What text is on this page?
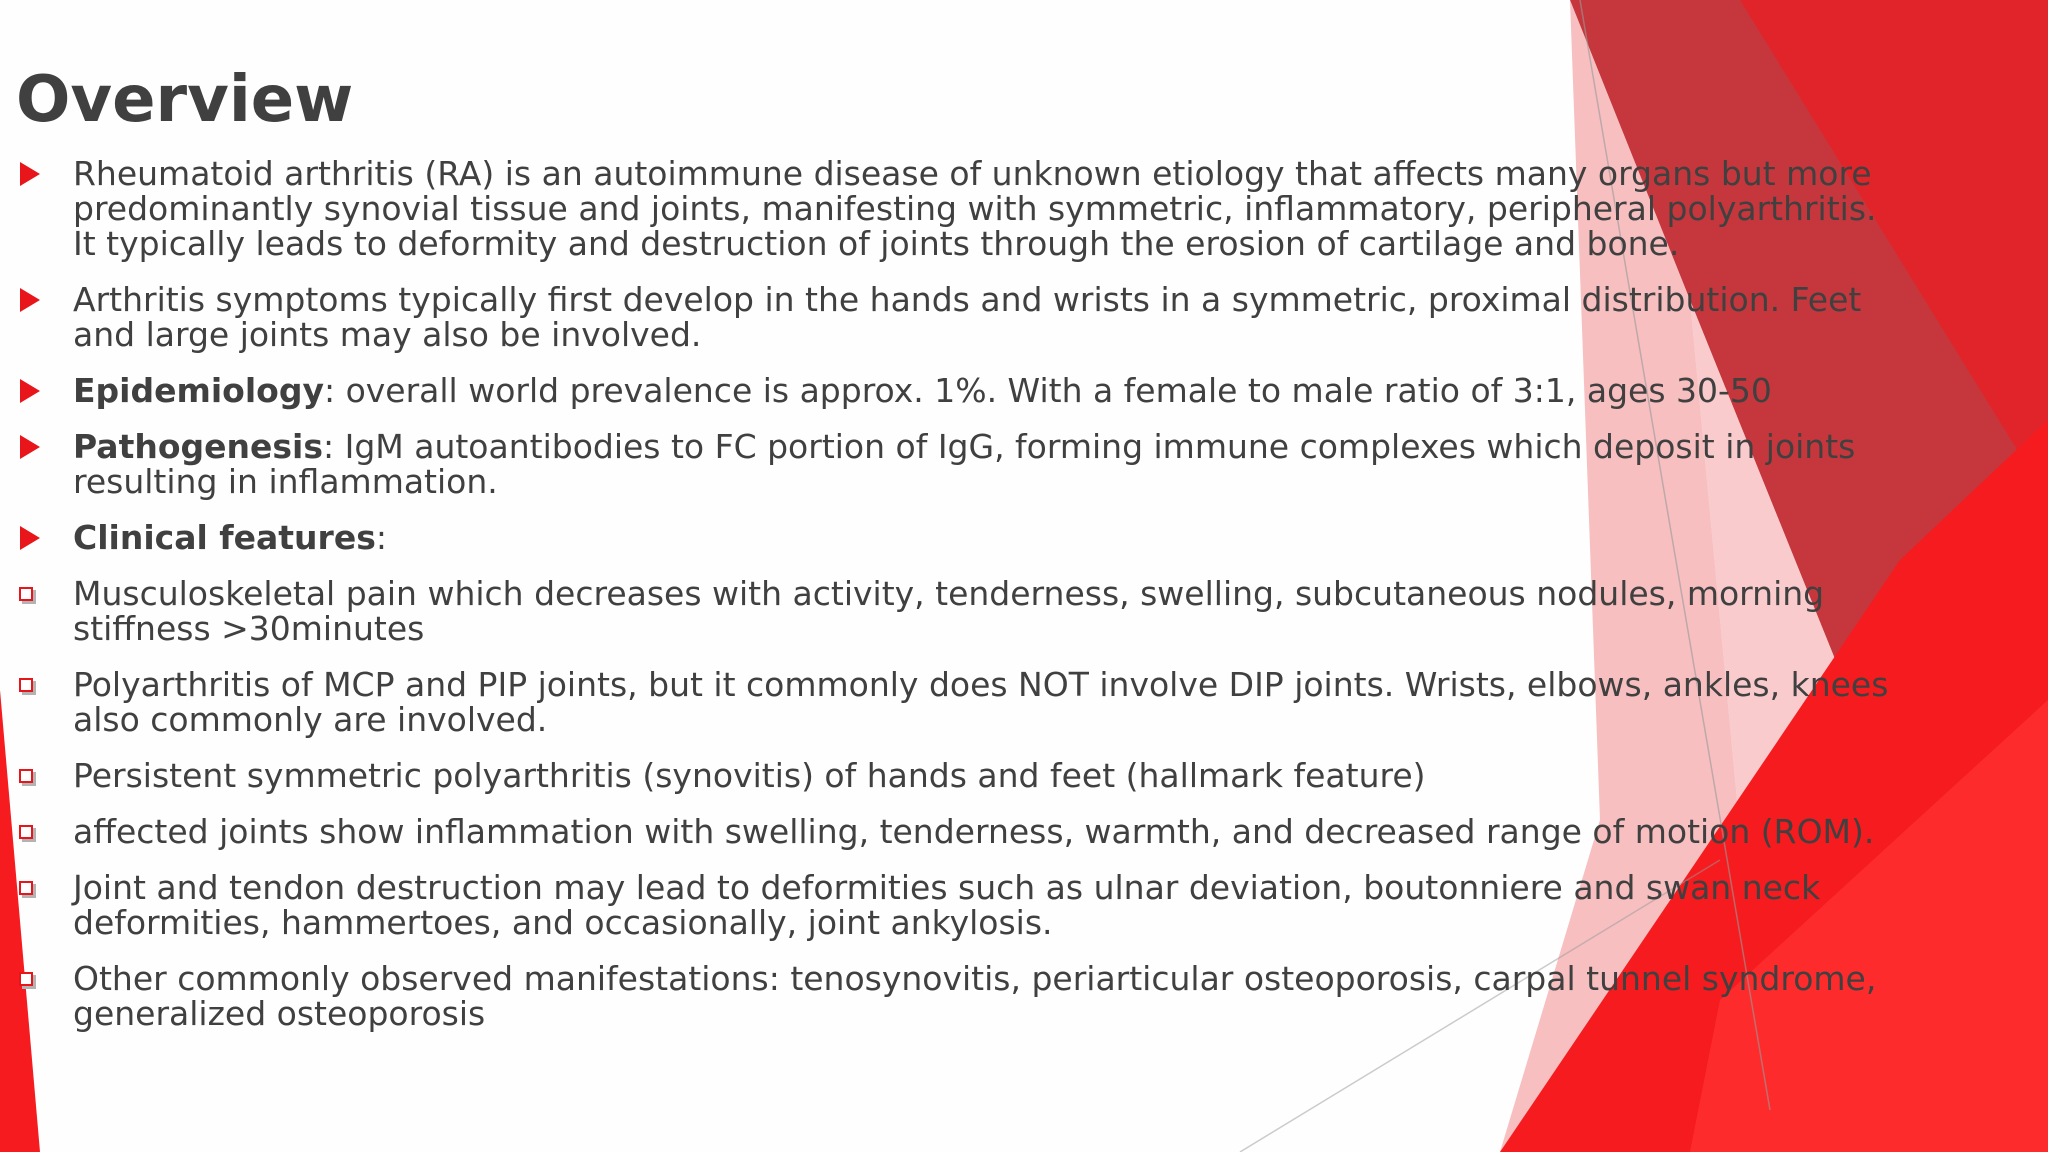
Overview
Rheumatoid arthritis (RA) is an autoimmune disease of unknown etiology that affects many organs but more predominantly synovial tissue and joints, manifesting with symmetric, inflammatory, peripheral polyarthritis. It typically leads to deformity and destruction of joints through the erosion of cartilage and bone.
Arthritis symptoms typically first develop in the hands and wrists in a symmetric, proximal distribution. Feet and large joints may also be involved.
Epidemiology: overall world prevalence is approx. 1%. With a female to male ratio of 3:1, ages 30-50
Pathogenesis: IgM autoantibodies to FC portion of IgG, forming immune complexes which deposit in joints resulting in inflammation.
Clinical features:
Musculoskeletal pain which decreases with activity, tenderness, swelling, subcutaneous nodules, morning stiffness >30minutes
Polyarthritis of MCP and PIP joints, but it commonly does NOT involve DIP joints. Wrists, elbows, ankles, knees also commonly are involved.
Persistent symmetric polyarthritis (synovitis) of hands and feet (hallmark feature)
affected joints show inflammation with swelling, tenderness, warmth, and decreased range of motion (ROM).
Joint and tendon destruction may lead to deformities such as ulnar deviation, boutonniere and swan neck deformities, hammertoes, and occasionally, joint ankylosis.
Other commonly observed manifestations: tenosynovitis, periarticular osteoporosis, carpal tunnel syndrome, generalized osteoporosis
